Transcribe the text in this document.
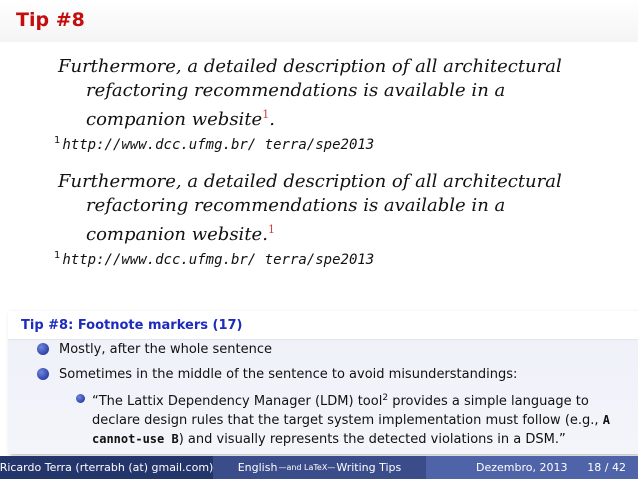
Tip #8
Furthermore, a detailed description of all architectural refactoring recommendations is available in a companion website$^1$.
$^1$ http://www.dcc.ufmg.br/ terra/spe2013
Furthermore, a detailed description of all architectural refactoring recommendations is available in a companion website.$^1$
$^1$ http://www.dcc.ufmg.br/ terra/spe2013
Tip #8: Footnote markers (17)
Mostly, after the whole sentence
Sometimes in the middle of the sentence to avoid misunderstandings:
“The Lattix Dependency Manager (LDM) tool$^2$ provides a simple language to declare design rules that the target system implementation must follow (e.g., A cannot-use B) and visually represents the detected violations in a DSM.”
Ricardo Terra (rterrabh (at) gmail.com) English —and LaTeX— Writing Tips	Dezembro, 2013 18 / 42
